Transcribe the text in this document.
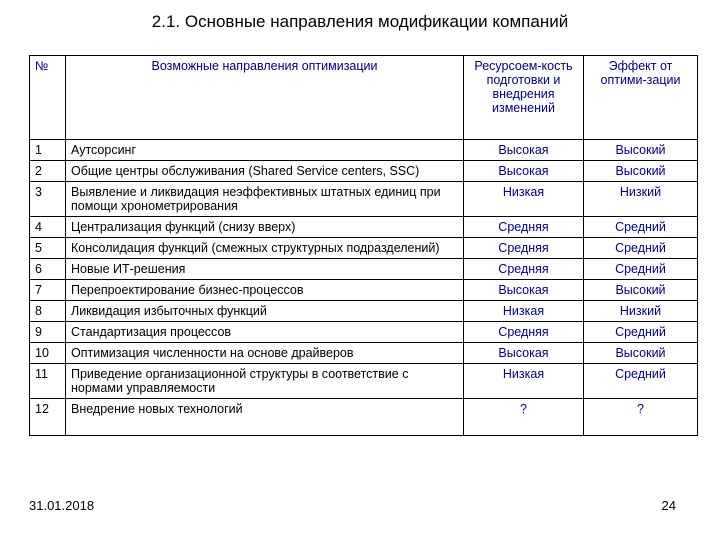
2.1. Основные направления модификации компаний
№	Возможные направления оптимизации	Ресурсоем-кость подготовки и внедрения изменений	Эффект от оптими-зации
1	Аутсорсинг	Высокая	Высокий
2	Общие центры обслуживания (Shared Service centers, SSC)	Высокая	Высокий
3	Выявление и ликвидация неэффективных штатных единиц при помощи хронометрирования	Низкая	Низкий
4	Централизация функций (снизу вверх)	Средняя	Средний
5	Консолидация функций (смежных структурных подразделений)	Средняя	Средний
6	Новые ИТ-решения	Средняя	Средний
7	Перепроектирование бизнес-процессов	Высокая	Высокий
8	Ликвидация избыточных функций	Низкая	Низкий
9	Стандартизация процессов	Средняя	Средний
10	Оптимизация численности на основе драйверов	Высокая	Высокий
11	Приведение организационной структуры в соответствие с нормами управляемости	Низкая	Средний
12	Внедрение новых технологий	?	?
31.01.2018	24
